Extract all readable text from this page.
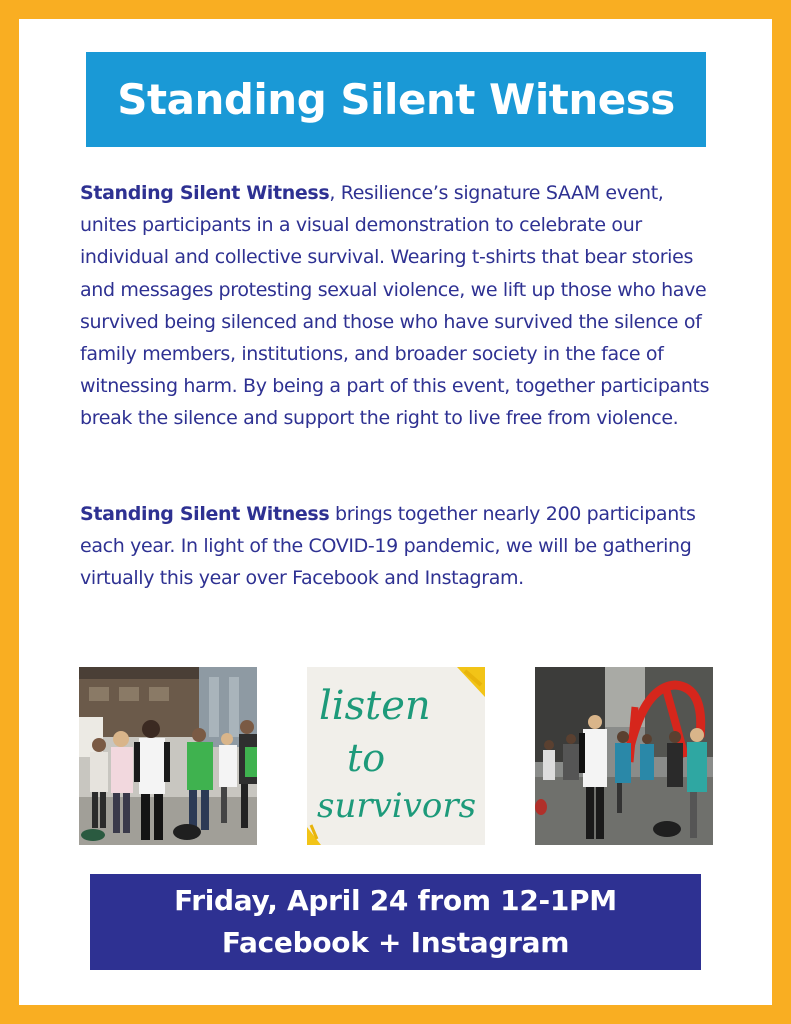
Standing Silent Witness
Standing Silent Witness, Resilience’s signature SAAM event, unites participants in a visual demonstration to celebrate our individual and collective survival. Wearing t-shirts that bear stories and messages protesting sexual violence, we lift up those who have survived being silenced and those who have survived the silence of family members, institutions, and broader society in the face of witnessing harm. By being a part of this event, together participants break the silence and support the right to live free from violence.
Standing Silent Witness brings together nearly 200 participants each year. In light of the COVID-19 pandemic, we will be gathering virtually this year over Facebook and Instagram.
listen
to
survivors
Friday, April 24 from 12-1PM
Facebook + Instagram
